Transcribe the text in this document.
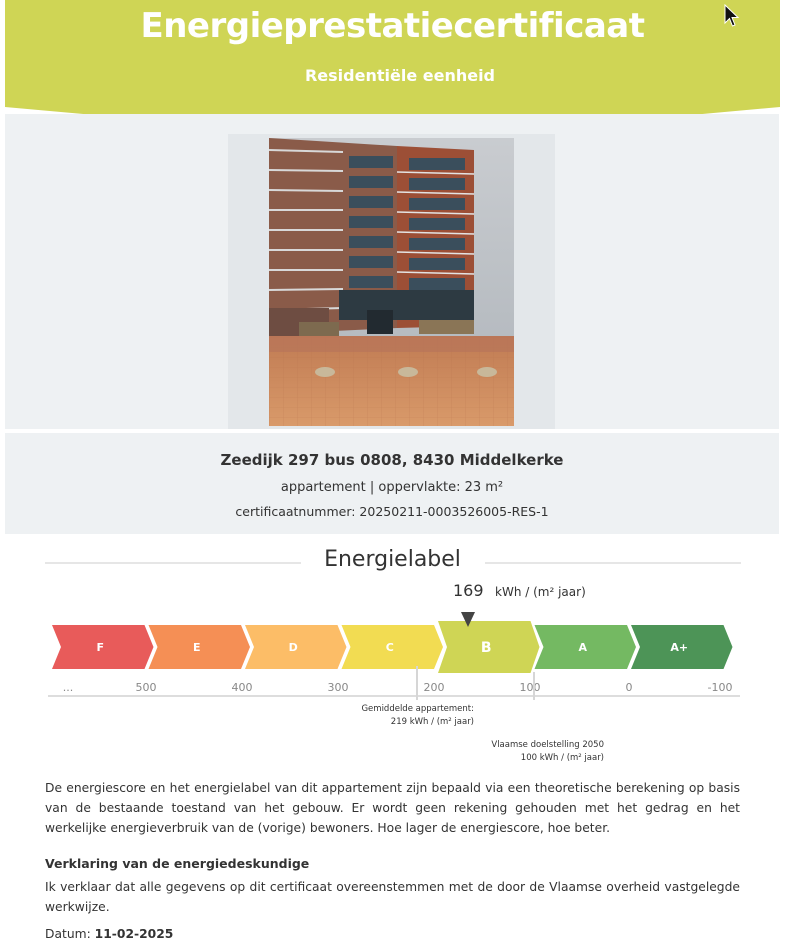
Energieprestatiecertificaat
Residentiële eenheid
Zeedijk 297 bus 0808, 8430 Middelkerke
appartement | oppervlakte: 23 m²
certificaatnummer: 20250211-0003526005-RES-1
Energielabel
169 kWh / (m² jaar)
F	E	D	C	B	A	A+
...	500	400	300	200	100	0	-100
Gemiddelde appartement:
219 kWh / (m² jaar)
Vlaamse doelstelling 2050
100 kWh / (m² jaar)
De energiescore en het energielabel van dit appartement zijn bepaald via een theoretische berekening op basis van de bestaande toestand van het gebouw. Er wordt geen rekening gehouden met het gedrag en het werkelijke energieverbruik van de (vorige) bewoners. Hoe lager de energiescore, hoe beter.
Verklaring van de energiedeskundige
Ik verklaar dat alle gegevens op dit certificaat overeenstemmen met de door de Vlaamse overheid vastgelegde werkwijze.
Datum: 11-02-2025
